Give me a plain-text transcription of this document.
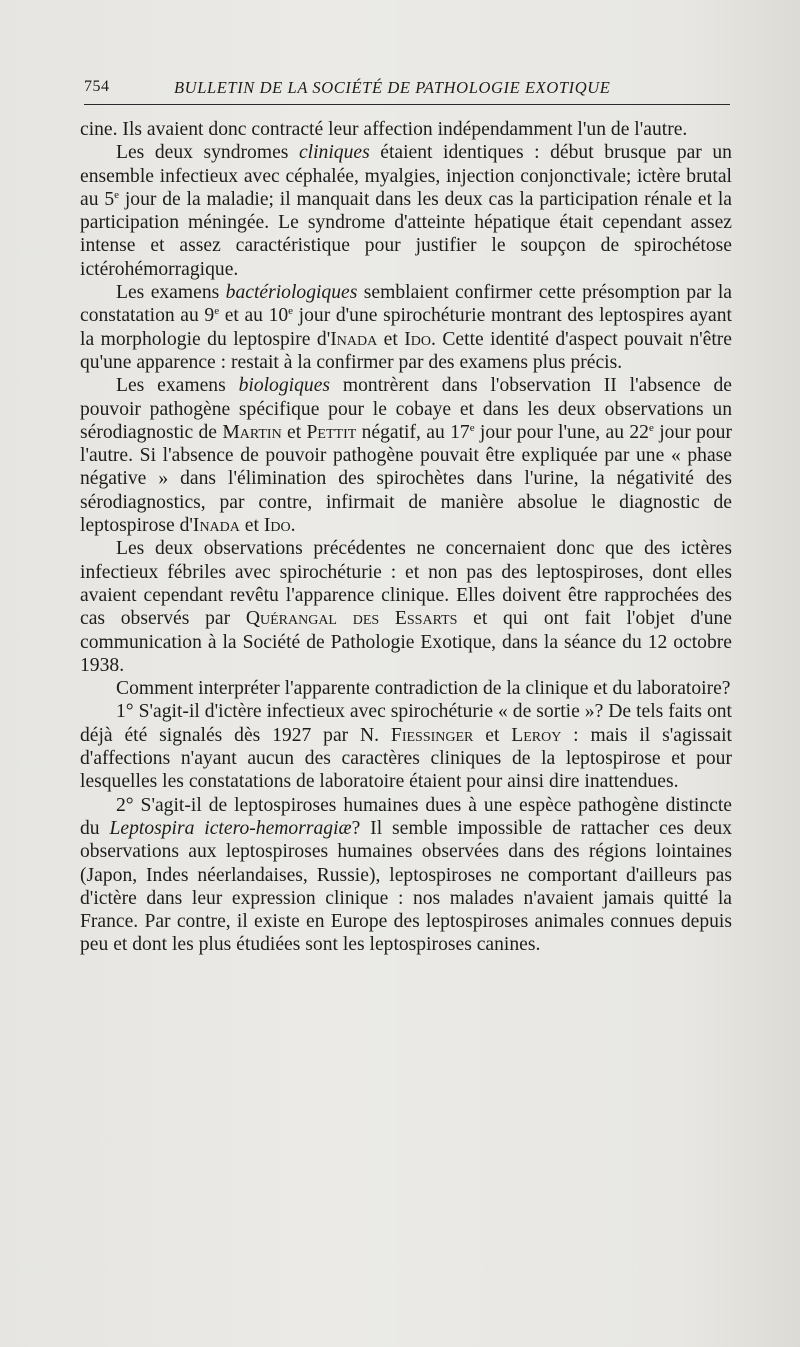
754	BULLETIN DE LA SOCIÉTÉ DE PATHOLOGIE EXOTIQUE

cine. Ils avaient donc contracté leur affection indépendamment l'un de l'autre.

Les deux syndromes cliniques étaient identiques : début brusque par un ensemble infectieux avec céphalée, myalgies, injection conjonctivale; ictère brutal au 5e jour de la maladie; il manquait dans les deux cas la participation rénale et la participation méningée. Le syndrome d'atteinte hépatique était cependant assez intense et assez caractéristique pour justifier le soupçon de spirochétose ictérohémorragique.

Les examens bactériologiques semblaient confirmer cette présomption par la constatation au 9e et au 10e jour d'une spirochéturie montrant des leptospires ayant la morphologie du leptospire d'Inada et Ido. Cette identité d'aspect pouvait n'être qu'une apparence : restait à la confirmer par des examens plus précis.

Les examens biologiques montrèrent dans l'observation II l'absence de pouvoir pathogène spécifique pour le cobaye et dans les deux observations un sérodiagnostic de Martin et Pettit négatif, au 17e jour pour l'une, au 22e jour pour l'autre. Si l'absence de pouvoir pathogène pouvait être expliquée par une « phase négative » dans l'élimination des spirochètes dans l'urine, la négativité des sérodiagnostics, par contre, infirmait de manière absolue le diagnostic de leptospirose d'Inada et Ido.

Les deux observations précédentes ne concernaient donc que des ictères infectieux fébriles avec spirochéturie : et non pas des leptospiroses, dont elles avaient cependant revêtu l'apparence clinique. Elles doivent être rapprochées des cas observés par Quérangal des Essarts et qui ont fait l'objet d'une communication à la Société de Pathologie Exotique, dans la séance du 12 octobre 1938.

Comment interpréter l'apparente contradiction de la clinique et du laboratoire?

1° S'agit-il d'ictère infectieux avec spirochéturie « de sortie »? De tels faits ont déjà été signalés dès 1927 par N. Fiessinger et Leroy : mais il s'agissait d'affections n'ayant aucun des caractères cliniques de la leptospirose et pour lesquelles les constatations de laboratoire étaient pour ainsi dire inattendues.

2° S'agit-il de leptospiroses humaines dues à une espèce pathogène distincte du Leptospira ictero-hemorragiæ? Il semble impossible de rattacher ces deux observations aux leptospiroses humaines observées dans des régions lointaines (Japon, Indes néerlandaises, Russie), leptospiroses ne comportant d'ailleurs pas d'ictère dans leur expression clinique : nos malades n'avaient jamais quitté la France. Par contre, il existe en Europe des leptospiroses animales connues depuis peu et dont les plus étudiées sont les leptospiroses canines.
